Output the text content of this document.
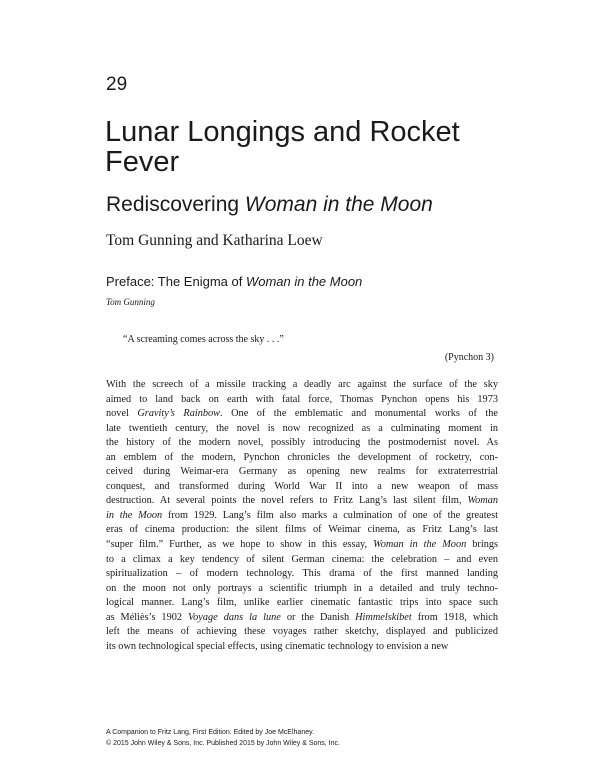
29
Lunar Longings and Rocket Fever
Rediscovering Woman in the Moon
Tom Gunning and Katharina Loew
Preface: The Enigma of Woman in the Moon
Tom Gunning
“A screaming comes across the sky . . .”
(Pynchon 3)
With the screech of a missile tracking a deadly arc against the surface of the sky
aimed to land back on earth with fatal force, Thomas Pynchon opens his 1973
novel Gravity’s Rainbow. One of the emblematic and monumental works of the
late twentieth century, the novel is now recognized as a culminating moment in
the history of the modern novel, possibly introducing the postmodernist novel. As
an emblem of the modern, Pynchon chronicles the development of rocketry, con-
ceived during Weimar-era Germany as opening new realms for extraterrestrial
conquest, and transformed during World War II into a new weapon of mass
destruction. At several points the novel refers to Fritz Lang’s last silent film, Woman
in the Moon from 1929. Lang’s film also marks a culmination of one of the greatest
eras of cinema production: the silent films of Weimar cinema, as Fritz Lang’s last
“super film.” Further, as we hope to show in this essay, Woman in the Moon brings
to a climax a key tendency of silent German cinema: the celebration – and even
spiritualization – of modern technology. This drama of the first manned landing
on the moon not only portrays a scientific triumph in a detailed and truly techno-
logical manner. Lang’s film, unlike earlier cinematic fantastic trips into space such
as Méliès’s 1902 Voyage dans la lune or the Danish Himmelskibet from 1918, which
left the means of achieving these voyages rather sketchy, displayed and publicized
its own technological special effects, using cinematic technology to envision a new
A Companion to Fritz Lang, First Edition. Edited by Joe McElhaney.
© 2015 John Wiley & Sons, Inc. Published 2015 by John Wiley & Sons, Inc.
